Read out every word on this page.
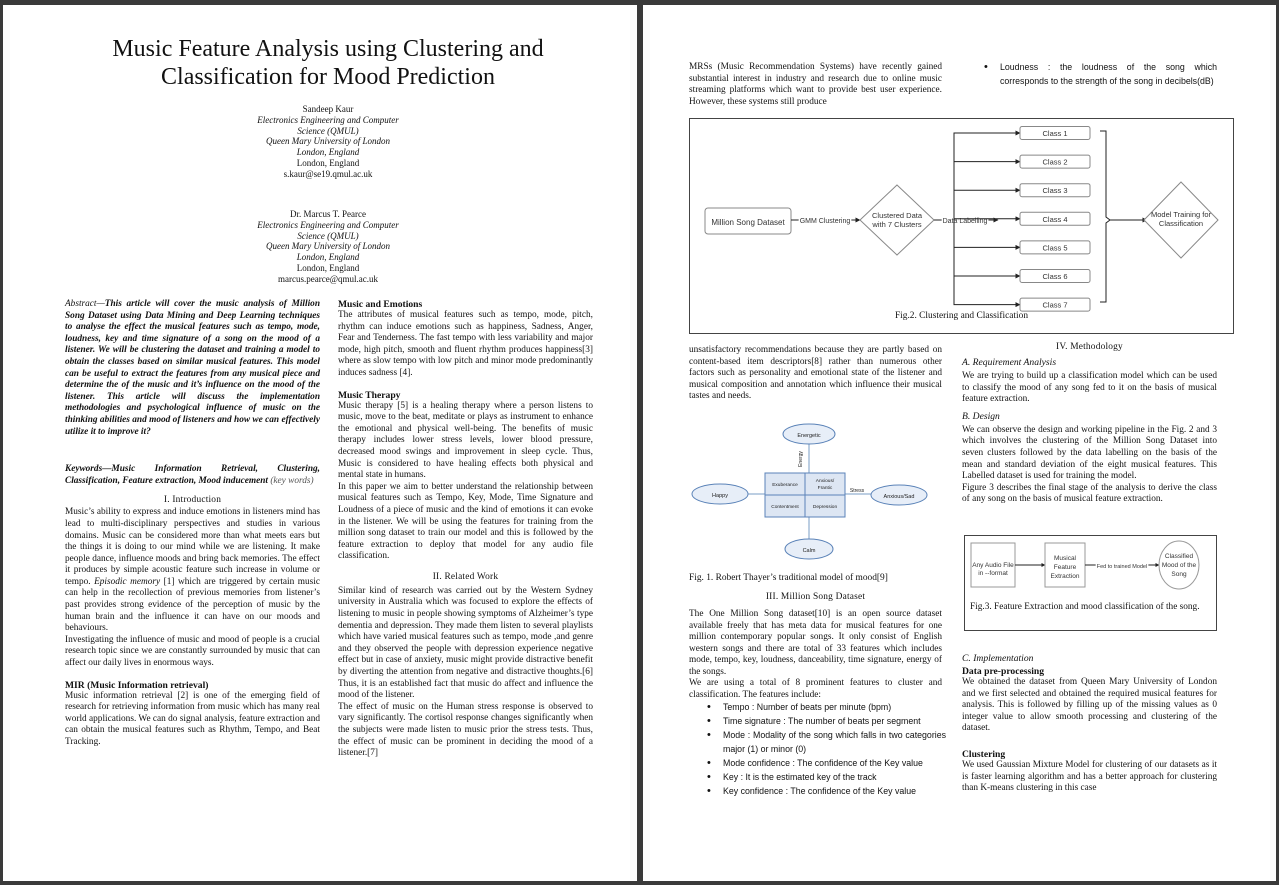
Music Feature Analysis using Clustering and Classification for Mood Prediction
Sandeep Kaur
Electronics Engineering and Computer
Science (QMUL)
Queen Mary University of London
London, England
London, England
s.kaur@se19.qmul.ac.uk
Dr. Marcus T. Pearce
Electronics Engineering and Computer
Science (QMUL)
Queen Mary University of London
London, England
London, England
marcus.pearce@qmul.ac.uk

Abstract—This article will cover the music analysis of Million Song Dataset using Data Mining and Deep Learning techniques to analyse the effect the musical features such as tempo, mode, loudness, key and time signature of a song on the mood of a listener. We will be clustering the dataset and training a model to obtain the classes based on similar musical features. This model can be useful to extract the features from any musical piece and determine the of the music and it’s influence on the mood of the listener. This article will discuss the implementation methodologies and psychological influence of music on the thinking abilities and mood of listeners and how we can effectively utilize it to improve it?

Keywords—Music Information Retrieval, Clustering, Classification, Feature extraction, Mood inducement (key words)

I. Introduction

Music’s ability to express and induce emotions in listeners mind has lead to multi-disciplinary perspectives and studies in various domains. Music can be considered more than what meets ears but the things it is doing to our mind while we are listening. It make people dance, influence moods and bring back memories. The effect it produces by simple acoustic feature such increase in volume or tempo. Episodic memory [1] which are triggered by certain music can help in the recollection of previous memories from listener’s past provides strong evidence of the perception of music by the human brain and the influence it can have on our moods and behaviours.

Investigating the influence of music and mood of people is a crucial research topic since we are constantly surrounded by music that can affect our daily lives in enormous ways.

MIR (Music Information retrieval)

Music information retrieval [2] is one of the emerging field of research for retrieving information from music which has many real world applications. We can do signal analysis, feature extraction and can obtain the musical features such as Rhythm, Tempo, and Beat Tracking.

Music and Emotions

The attributes of musical features such as tempo, mode, pitch, rhythm can induce emotions such as happiness, Sadness, Anger, Fear and Tenderness. The fast tempo with less variability and major mode, high pitch, smooth and fluent rhythm produces happiness[3] where as slow tempo with low pitch and minor mode predominantly induces sadness [4].

Music Therapy

Music therapy [5] is a healing therapy where a person listens to music, move to the beat, meditate or plays as instrument to enhance the emotional and physical well-being. The benefits of music therapy includes lower stress levels, lower blood pressure, decreased mood swings and improvement in sleep cycle. Thus, Music is considered to have healing effects both physical and mental state in humans.

In this paper we aim to better understand the relationship between musical features such as Tempo, Key, Mode, Time Signature and Loudness of a piece of music and the kind of emotions it can evoke in the listener. We will be using the features for training from the million song dataset to train our model and this is followed by the feature extraction to deploy that model for any audio file classification.

II. Related Work

Similar kind of research was carried out by the Western Sydney university in Australia which was focused to explore the effects of listening to music in people showing symptoms of Alzheimer’s type dementia and depression. They made them listen to several playlists which have varied musical features such as tempo, mode ,and genre and they observed the people with depression experience negative effect but in case of anxiety, music might provide distractive benefit by diverting the attention from negative and distractive thoughts.[6] Thus, it is an established fact that music do affect and influence the mood of the listener.

The effect of music on the Human stress response is observed to vary significantly. The cortisol response changes significantly when the subjects were made listen to music prior the stress tests. Thus, the effect of music can be prominent in deciding the mood of a listener.[7]

MRSs (Music Recommendation Systems) have recently gained substantial interest in industry and research due to online music streaming platforms which want to provide best user experience. However, these systems still produce

• Loudness : the loudness of the song which corresponds to the strength of the song in decibels(dB)
Million Song Dataset GMM Clustering
Clustered Data
with 7 Clusters	Data Labelling
Class 1
Class 2
Class 3
Class 4
Class 5
Class 6
Class 7
Model Training for
Classification
Fig.2. Clustering and Classification

unsatisfactory recommendations because they are partly based on content-based item descriptors[8] rather than numerous other factors such as personality and emotional state of the listener and musical composition and annotation which influence their musical tastes and needs.

Energetic
Calm
Happy	Anxious/Sad
Exuberance
Anxious/
Frantic
Contentment	Depression
Energy
Stress
Fig. 1. Robert Thayer’s traditional model of mood[9]
III. Million Song Dataset

The One Million Song dataset[10] is an open source dataset available freely that has meta data for musical features for one million contemporary popular songs. It only consist of English western songs and there are total of 33 features which includes mode, tempo, key, loudness, danceability, time signature, energy of the songs.

We are using a total of 8 prominent features to cluster and classification. The features include:

• Tempo : Number of beats per minute (bpm)
• Time signature : The number of beats per segment
• Mode : Modality of the song which falls in two categories major (1) or minor (0)
• Mode confidence : The confidence of the Key value
• Key : It is the estimated key of the track
• Key confidence : The confidence of the Key value
IV. Methodology
A. Requirement Analysis

We are trying to build up a classification model which can be used to classify the mood of any song fed to it on the basis of musical feature extraction.

B. Design

We can observe the design and working pipeline in the Fig. 2 and 3 which involves the clustering of the Million Song Dataset into seven clusters followed by the data labelling on the basis of the mean and standard deviation of the eight musical features. This Labelled dataset is used for training the model.

Figure 3 describes the final stage of the analysis to derive the class of any song on the basis of musical feature extraction.

Any Audio File
in --format
Musical
Feature
Extraction
Fed to trained Model
Classified
Mood of the
Song
Fig.3. Feature Extraction and mood classification of the song.
C. Implementation
Data pre-processing

We obtained the dataset from Queen Mary University of London and we first selected and obtained the required musical features for analysis. This is followed by filling up of the missing values as 0 integer value to allow smooth processing and clustering of the dataset.

Clustering

We used Gaussian Mixture Model for clustering of our datasets as it is faster learning algorithm and has a better approach for clustering than K-means clustering in this case
